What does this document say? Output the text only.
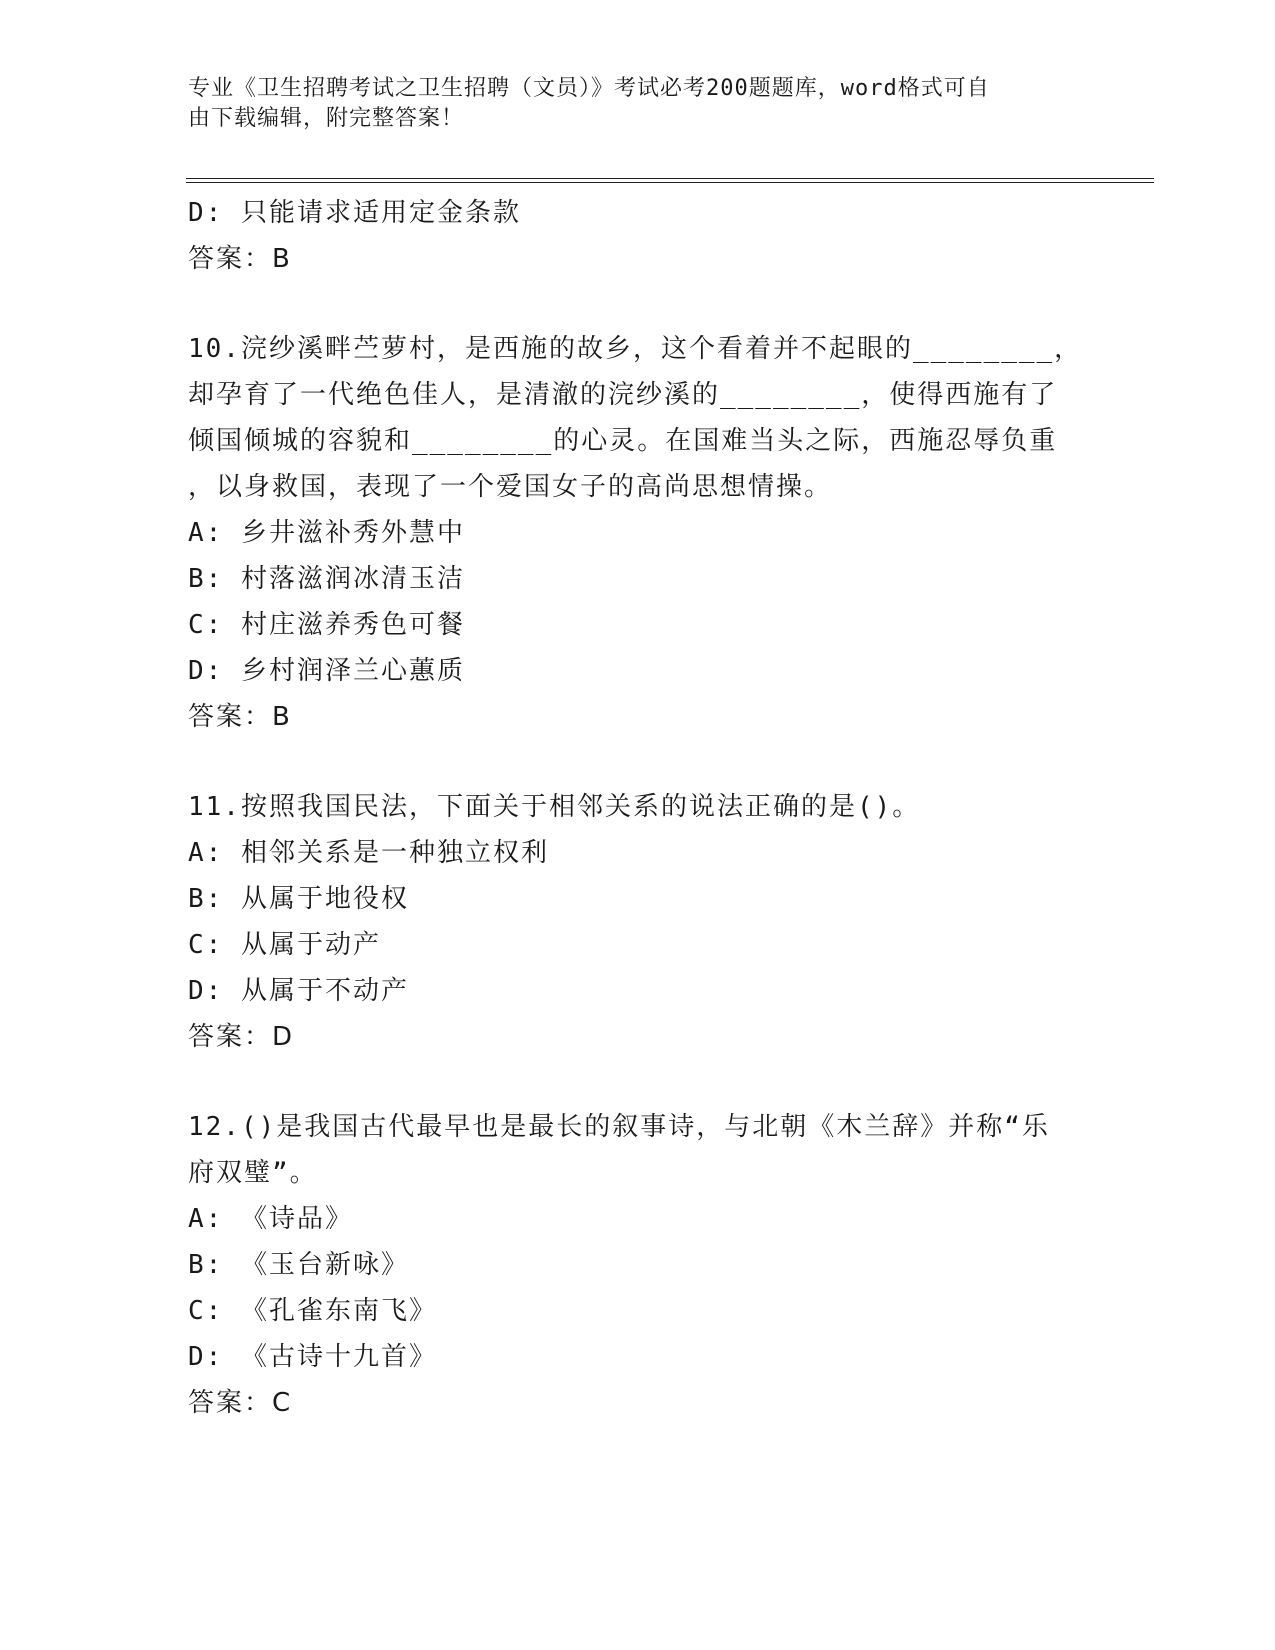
专业《卫生招聘考试之卫生招聘（文员）》考试必考200题题库，word格式可自
由下载编辑，附完整答案！
D: 只能请求适用定金条款
答案：B
10.浣纱溪畔苎萝村，是西施的故乡，这个看着并不起眼的________，
却孕育了一代绝色佳人，是清澈的浣纱溪的________，使得西施有了
倾国倾城的容貌和________的心灵。在国难当头之际，西施忍辱负重
，以身救国，表现了一个爱国女子的高尚思想情操。
A: 乡井滋补秀外慧中
B: 村落滋润冰清玉洁
C: 村庄滋养秀色可餐
D: 乡村润泽兰心蕙质
答案：B
11.按照我国民法，下面关于相邻关系的说法正确的是()。
A: 相邻关系是一种独立权利
B: 从属于地役权
C: 从属于动产
D: 从属于不动产
答案：D
12.()是我国古代最早也是最长的叙事诗，与北朝《木兰辞》并称“乐
府双璧”。
A: 《诗品》
B: 《玉台新咏》
C: 《孔雀东南飞》
D: 《古诗十九首》
答案：C
